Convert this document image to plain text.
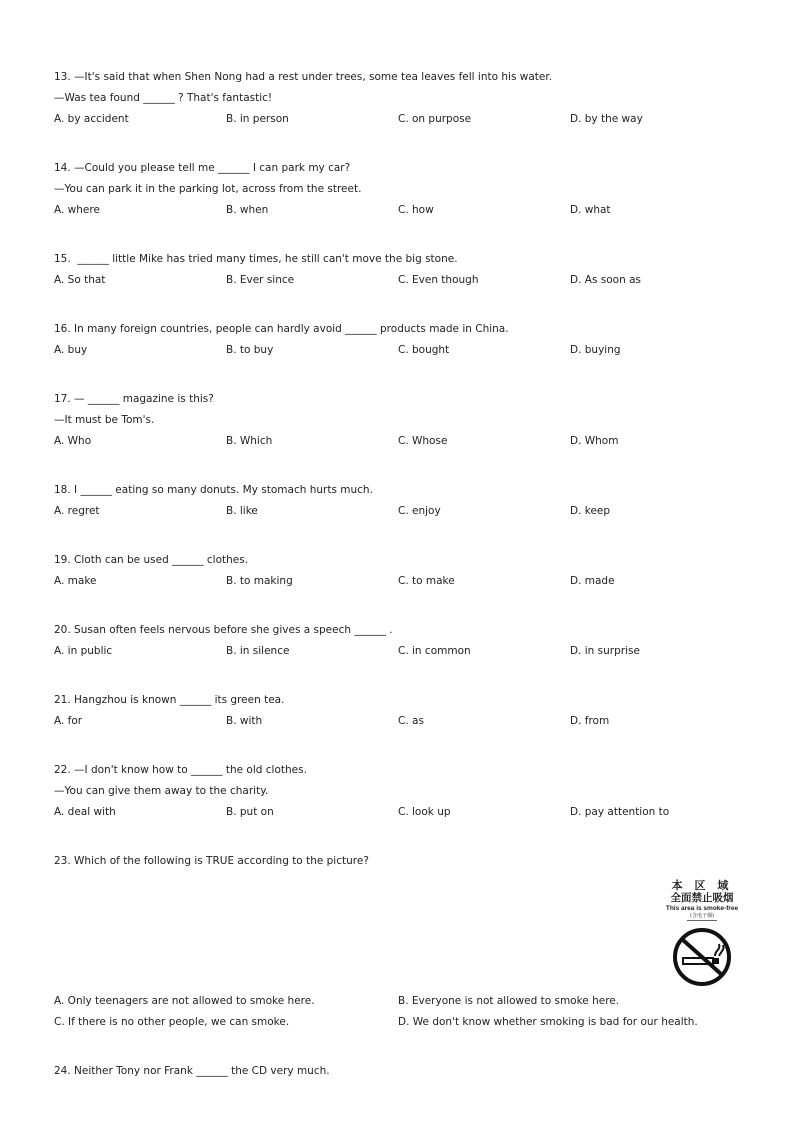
13. —It's said that when Shen Nong had a rest under trees, some tea leaves fell into his water.
—Was tea found ______ ? That's fantastic!
A. by accident	B. in person	C. on purpose	D. by the way
14. —Could you please tell me ______ I can park my car?
—You can park it in the parking lot, across from the street.
A. where	B. when	C. how	D. what
15.  ______ little Mike has tried many times, he still can't move the big stone.
A. So that	B. Ever since	C. Even though	D. As soon as
16. In many foreign countries, people can hardly avoid ______ products made in China.
A. buy	B. to buy	C. bought	D. buying
17. — ______ magazine is this?
—It must be Tom's.
A. Who	B. Which	C. Whose	D. Whom
18. I ______ eating so many donuts. My stomach hurts much.
A. regret	B. like	C. enjoy	D. keep
19. Cloth can be used ______ clothes.
A. make	B. to making	C. to make	D. made
20. Susan often feels nervous before she gives a speech ______ .
A. in public	B. in silence	C. in common	D. in surprise
21. Hangzhou is known ______ its green tea.
A. for	B. with	C. as	D. from
22. —I don't know how to ______ the old clothes.
—You can give them away to the charity.
A. deal with	B. put on	C. look up	D. pay attention to
23. Which of the following is TRUE according to the picture?
本 区 域
全面禁止吸烟
This area is smoke-free
(含电子烟)
A. Only teenagers are not allowed to smoke here.	B. Everyone is not allowed to smoke here.
C. If there is no other people, we can smoke.	D. We don't know whether smoking is bad for our health.
24. Neither Tony nor Frank ______ the CD very much.
